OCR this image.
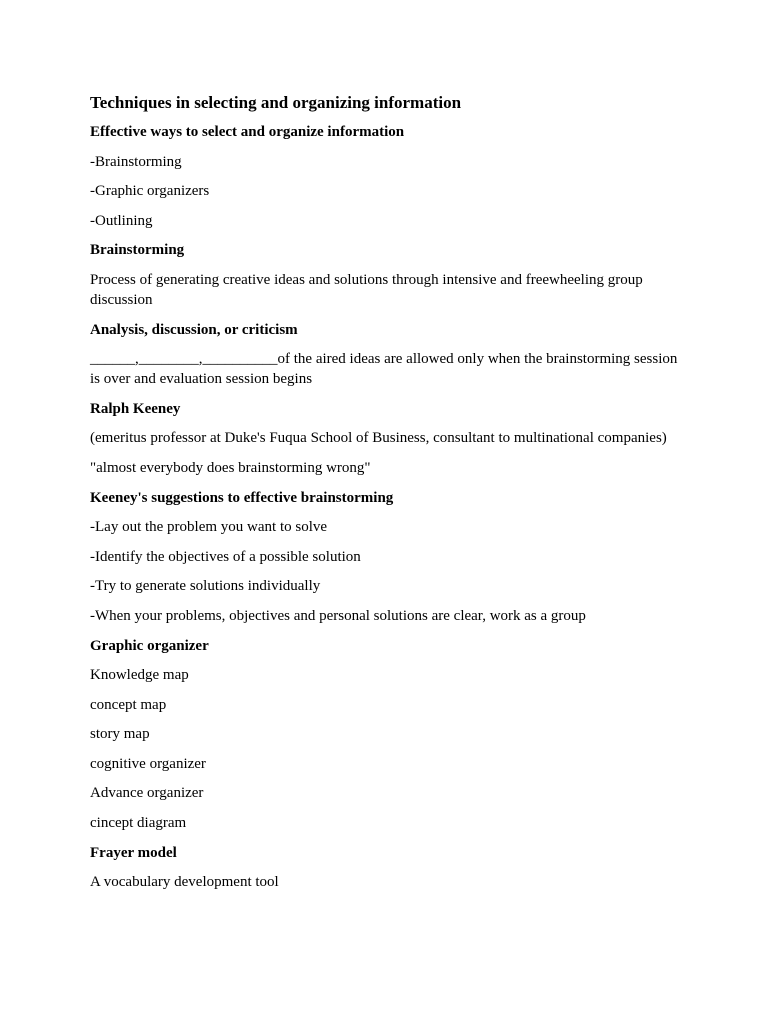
Techniques in selecting and organizing information
Effective ways to select and organize information
-Brainstorming
-Graphic organizers
-Outlining
Brainstorming
Process of generating creative ideas and solutions through intensive and freewheeling group discussion
Analysis, discussion, or criticism
______,________,__________of the aired ideas are allowed only when the brainstorming session is over and evaluation session begins
Ralph Keeney
(emeritus professor at Duke's Fuqua School of Business, consultant to multinational companies)
"almost everybody does brainstorming wrong"
Keeney's suggestions to effective brainstorming
-Lay out the problem you want to solve
-Identify the objectives of a possible solution
-Try to generate solutions individually
-When your problems, objectives and personal solutions are clear, work as a group
Graphic organizer
Knowledge map
concept map
story map
cognitive organizer
Advance organizer
cincept diagram
Frayer model
A vocabulary development tool
